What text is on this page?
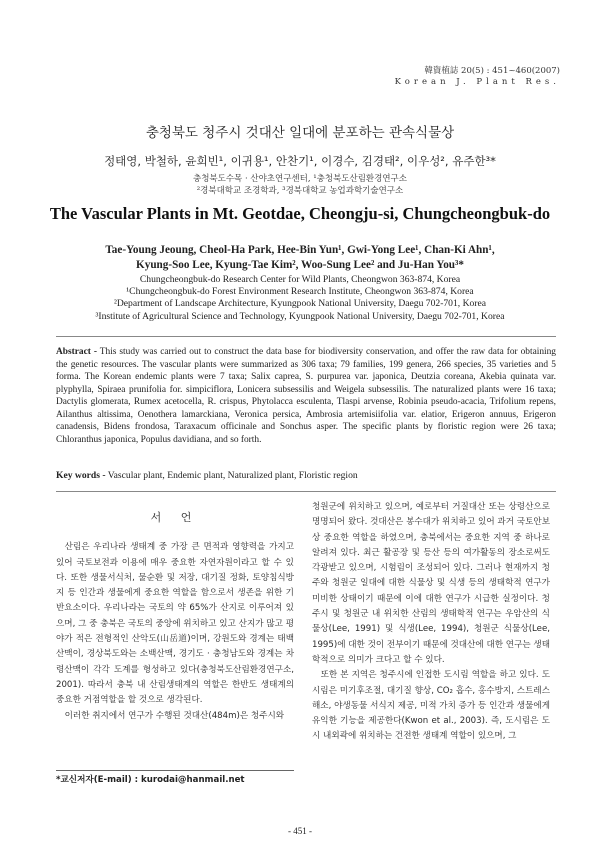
韓資植誌 20(5) : 451~460(2007)
Korean J. Plant Res.
충청북도 청주시 것대산 일대에 분포하는 관속식물상
정태영, 박철하, 윤희빈¹, 이귀용¹, 안찬기¹, 이경수, 김경태², 이우성², 유주한³*
충청북도수목 · 산야초연구센터, ¹충청북도산림환경연구소
²경북대학교 조경학과, ³경북대학교 농업과학기술연구소
The Vascular Plants in Mt. Geotdae, Cheongju-si, Chungcheongbuk-do
Tae-Young Jeoung, Cheol-Ha Park, Hee-Bin Yun¹, Gwi-Yong Lee¹, Chan-Ki Ahn¹,
Kyung-Soo Lee, Kyung-Tae Kim², Woo-Sung Lee² and Ju-Han You³*
Chungcheongbuk-do Research Center for Wild Plants, Cheongwon 363-874, Korea
¹Chungcheongbuk-do Forest Environment Research Institute, Cheongwon 363-874, Korea
²Department of Landscape Architecture, Kyungpook National University, Daegu 702-701, Korea
³Institute of Agricultural Science and Technology, Kyungpook National University, Daegu 702-701, Korea
Abstract - This study was carried out to construct the data base for biodiversity conservation, and offer the raw data for obtaining the genetic resources. The vascular plants were summarized as 306 taxa; 79 families, 199 genera, 266 species, 35 varieties and 5 forma. The Korean endemic plants were 7 taxa; Salix caprea, S. purpurea var. japonica, Deutzia coreana, Akebia quinata var. plyphylla, Spiraea prunifolia for. simpiciflora, Lonicera subsessilis and Weigela subsessilis. The naturalized plants were 16 taxa; Dactylis glomerata, Rumex acetocella, R. crispus, Phytolacca esculenta, Tlaspi arvense, Robinia pseudo-acacia, Trifolium repens, Ailanthus altissima, Oenothera lamarckiana, Veronica persica, Ambrosia artemisiifolia var. elatior, Erigeron annuus, Erigeron canadensis, Bidens frondosa, Taraxacum officinale and Sonchus asper. The specific plants by floristic region were 26 taxa; Chloranthus japonica, Populus davidiana, and so forth.
Key words - Vascular plant, Endemic plant, Naturalized plant, Floristic region
서 언

산림은 우리나라 생태계 중 가장 큰 면적과 영향력을 가지고 있어 국토보전과 이용에 매우 중요한 자연자원이라고 할 수 있다. 또한 생물서식처, 물순환 및 저장, 대기질 정화, 토양침식방지 등 인간과 생물에게 중요한 역할을 함으로서 생존을 위한 기반요소이다. 우리나라는 국토의 약 65%가 산지로 이루어져 있으며, 그 중 충북은 국토의 중앙에 위치하고 있고 산지가 많고 평야가 적은 전형적인 산악도(山岳道)이며, 강원도와 경계는 태백산맥이, 경상북도와는 소백산맥, 경기도 · 충청남도와 경계는 차령산맥이 각각 도계를 형성하고 있다(충청북도산림환경연구소, 2001). 따라서 충북 내 산림생태계의 역할은 한반도 생태계의 중요한 거점역할을 할 것으로 생각된다.

이러한 취지에서 연구가 수행된 것대산(484m)은 청주시와

청원군에 위치하고 있으며, 예로부터 거질대산 또는 상령산으로 명명되어 왔다. 것대산은 봉수대가 위치하고 있어 과거 국토안보상 중요한 역할을 하였으며, 충북에서는 중요한 지역 중 하나로 알려져 있다. 최근 활공장 및 등산 등의 여가활동의 장소로써도 각광받고 있으며, 시험림이 조성되어 있다. 그러나 현재까지 청주와 청원군 일대에 대한 식물상 및 식생 등의 생태학적 연구가 미비한 상태이기 때문에 이에 대한 연구가 시급한 실정이다. 청주시 및 청원군 내 위치한 산림의 생태학적 연구는 우암산의 식물상(Lee, 1991) 및 식생(Lee, 1994), 청원군 식물상(Lee, 1995)에 대한 것이 전부이기 때문에 것대산에 대한 연구는 생태학적으로 의미가 크다고 할 수 있다.

또한 본 지역은 청주시에 인접한 도시림 역할을 하고 있다. 도시림은 미기후조절, 대기질 향상, CO₂ 흡수, 홍수방지, 스트레스 해소, 야생동물 서식지 제공, 미적 가치 증가 등 인간과 생물에게 유익한 기능을 제공한다(Kwon et al., 2003). 즉, 도시림은 도시 내외곽에 위치하는 건전한 생태계 역할이 있으며, 그

*교신저자(E-mail) : kurodai@hanmail.net
- 451 -
